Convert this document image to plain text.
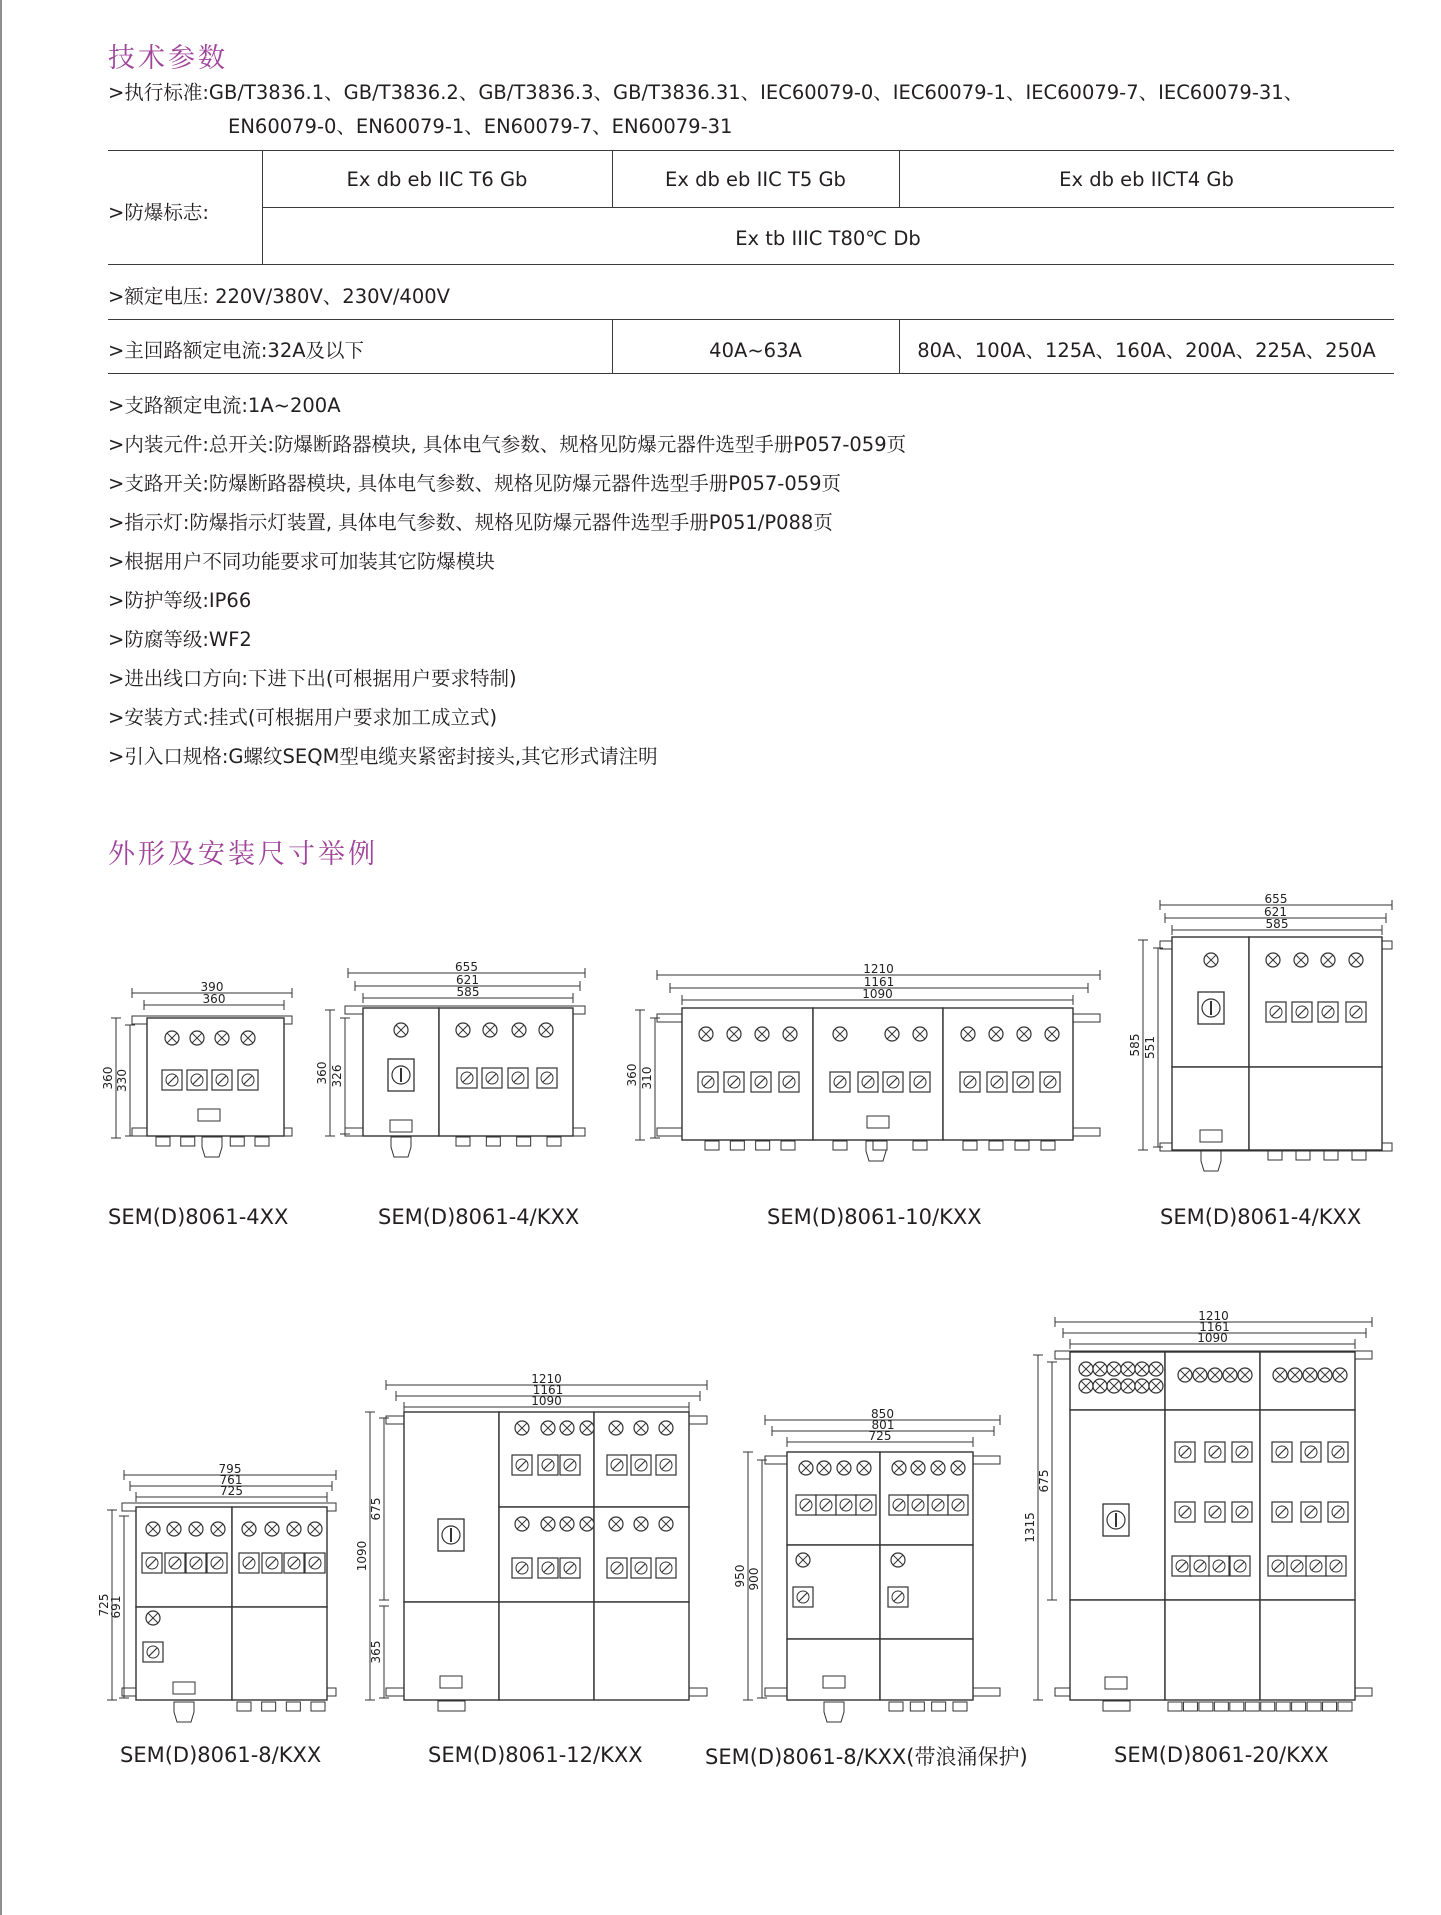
技术参数
>执行标准:GB/T3836.1、GB/T3836.2、GB/T3836.3、GB/T3836.31、IEC60079-0、IEC60079-1、IEC60079-7、IEC60079-31、
EN60079-0、EN60079-1、EN60079-7、EN60079-31
>防爆标志:
Ex db eb IIC T6 Gb	Ex db eb IIC T5 Gb	Ex db eb IICT4 Gb
Ex tb IIIC T80℃ Db
>额定电压: 220V/380V、230V/400V
>主回路额定电流:32A及以下	40A~63A	80A、100A、125A、160A、200A、225A、250A
>支路额定电流:1A~200A
>内装元件:总开关:防爆断路器模块, 具体电气参数、规格见防爆元器件选型手册P057-059页
>支路开关:防爆断路器模块, 具体电气参数、规格见防爆元器件选型手册P057-059页
>指示灯:防爆指示灯装置, 具体电气参数、规格见防爆元器件选型手册P051/P088页
>根据用户不同功能要求可加装其它防爆模块
>防护等级:IP66
>防腐等级:WF2
>进出线口方向:下进下出(可根据用户要求特制)
>安装方式:挂式(可根据用户要求加工成立式)
>引入口规格:G螺纹SEQM型电缆夹紧密封接头,其它形式请注明
外形及安装尺寸举例
390
360
360 330
655
621
585
360 326
1210
1161
1090
360 310
655
621
585
585 551
795
761
725
725
691
1210
1161
1090
1090
675
365
850
801
725
950 900
1210
1161
1090
1315
675
SEM(D)8061-4XX	SEM(D)8061-4/KXX	SEM(D)8061-10/KXX	SEM(D)8061-4/KXX
SEM(D)8061-8/KXX	SEM(D)8061-12/KXX	SEM(D)8061-8/KXX(带浪涌保护)	SEM(D)8061-20/KXX
